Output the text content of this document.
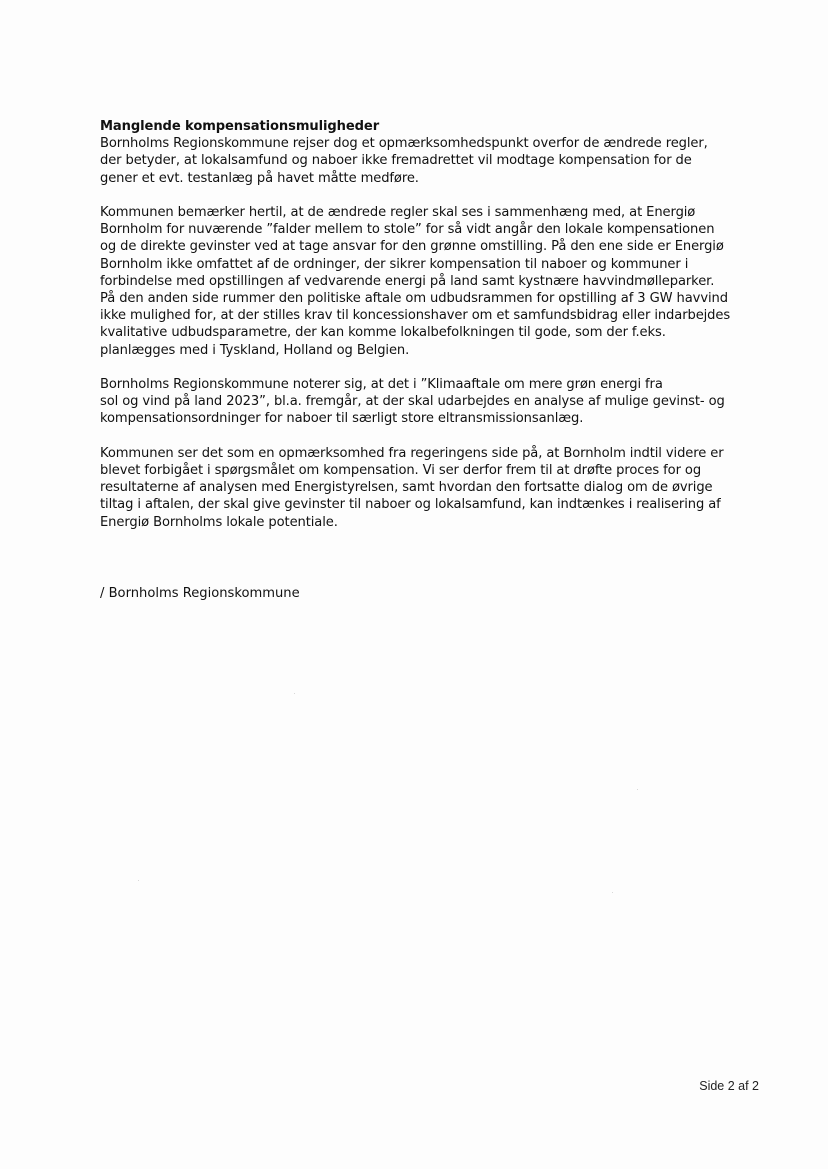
Manglende kompensationsmuligheder

Bornholms Regionskommune rejser dog et opmærksomhedspunkt overfor de ændrede regler,
der betyder, at lokalsamfund og naboer ikke fremadrettet vil modtage kompensation for de
gener et evt. testanlæg på havet måtte medføre.

Kommunen bemærker hertil, at de ændrede regler skal ses i sammenhæng med, at Energiø
Bornholm for nuværende ”falder mellem to stole” for så vidt angår den lokale kompensationen
og de direkte gevinster ved at tage ansvar for den grønne omstilling. På den ene side er Energiø
Bornholm ikke omfattet af de ordninger, der sikrer kompensation til naboer og kommuner i
forbindelse med opstillingen af vedvarende energi på land samt kystnære havvindmølleparker.
På den anden side rummer den politiske aftale om udbudsrammen for opstilling af 3 GW havvind
ikke mulighed for, at der stilles krav til koncessionshaver om et samfundsbidrag eller indarbejdes
kvalitative udbudsparametre, der kan komme lokalbefolkningen til gode, som der f.eks.
planlægges med i Tyskland, Holland og Belgien.

Bornholms Regionskommune noterer sig, at det i ”Klimaaftale om mere grøn energi fra
sol og vind på land 2023”, bl.a. fremgår, at der skal udarbejdes en analyse af mulige gevinst- og
kompensationsordninger for naboer til særligt store eltransmissionsanlæg.

Kommunen ser det som en opmærksomhed fra regeringens side på, at Bornholm indtil videre er
blevet forbigået i spørgsmålet om kompensation. Vi ser derfor frem til at drøfte proces for og
resultaterne af analysen med Energistyrelsen, samt hvordan den fortsatte dialog om de øvrige
tiltag i aftalen, der skal give gevinster til naboer og lokalsamfund, kan indtænkes i realisering af
Energiø Bornholms lokale potentiale.

/ Bornholms Regionskommune
Side 2 af 2
